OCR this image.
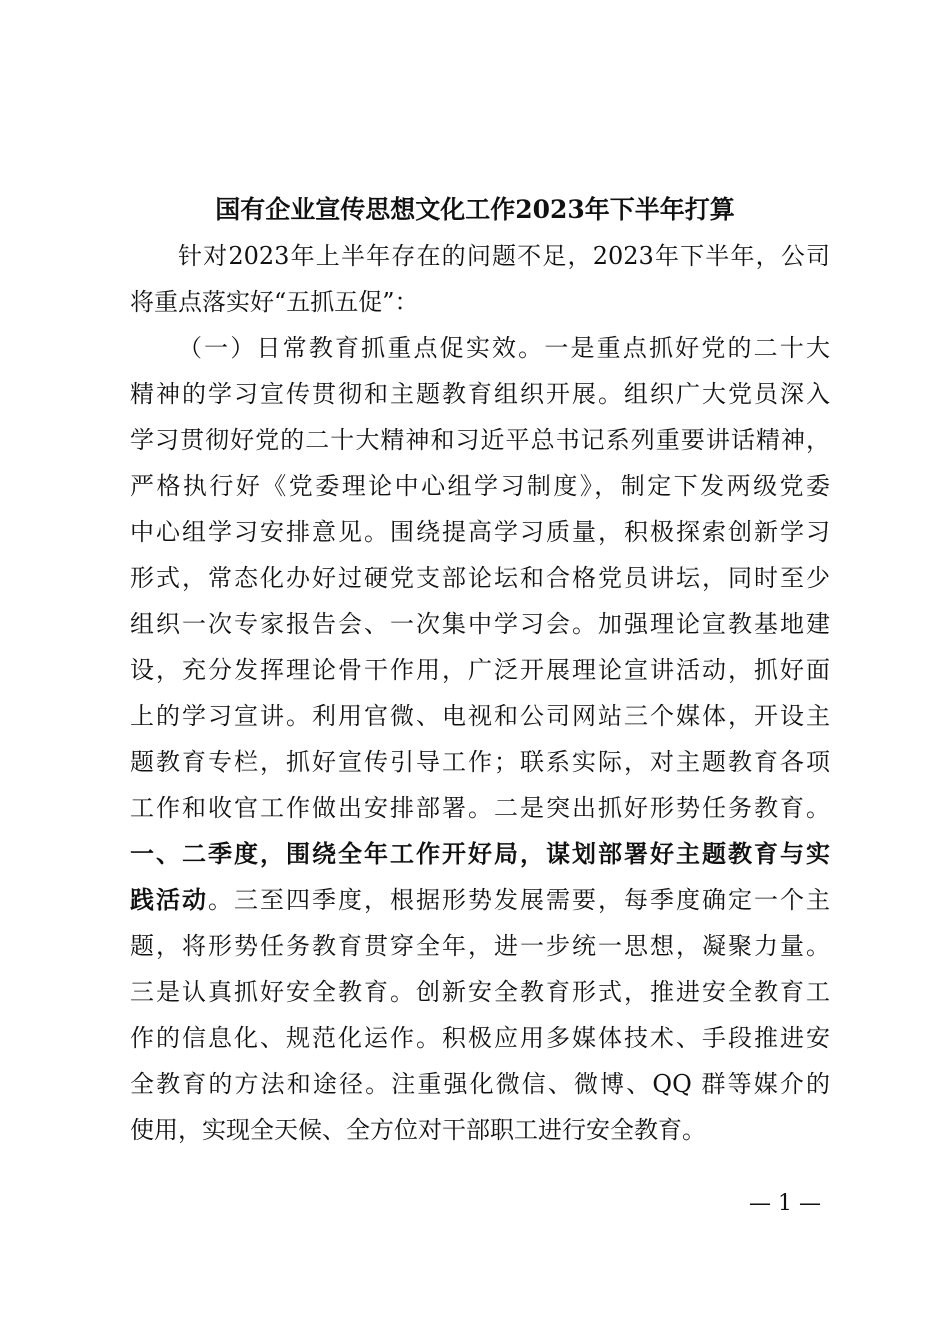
国有企业宣传思想文化工作2023年下半年打算
针对2023年上半年存在的问题不足，2023年下半年，公司
将重点落实好“五抓五促”：
（一）日常教育抓重点促实效。一是重点抓好党的二十大
精神的学习宣传贯彻和主题教育组织开展。组织广大党员深入
学习贯彻好党的二十大精神和习近平总书记系列重要讲话精神，
严格执行好《党委理论中心组学习制度》，制定下发两级党委
中心组学习安排意见。围绕提高学习质量，积极探索创新学习
形式，常态化办好过硬党支部论坛和合格党员讲坛，同时至少
组织一次专家报告会、一次集中学习会。加强理论宣教基地建
设，充分发挥理论骨干作用，广泛开展理论宣讲活动，抓好面
上的学习宣讲。利用官微、电视和公司网站三个媒体，开设主
题教育专栏，抓好宣传引导工作；联系实际，对主题教育各项
工作和收官工作做出安排部署。二是突出抓好形势任务教育。
一、二季度，围绕全年工作开好局，谋划部署好主题教育与实
践活动。三至四季度，根据形势发展需要，每季度确定一个主
题，将形势任务教育贯穿全年，进一步统一思想，凝聚力量。
三是认真抓好安全教育。创新安全教育形式，推进安全教育工
作的信息化、规范化运作。积极应用多媒体技术、手段推进安
全教育的方法和途径。注重强化微信、微博、QQ 群等媒介的
使用，实现全天候、全方位对干部职工进行安全教育。
— 1 —
